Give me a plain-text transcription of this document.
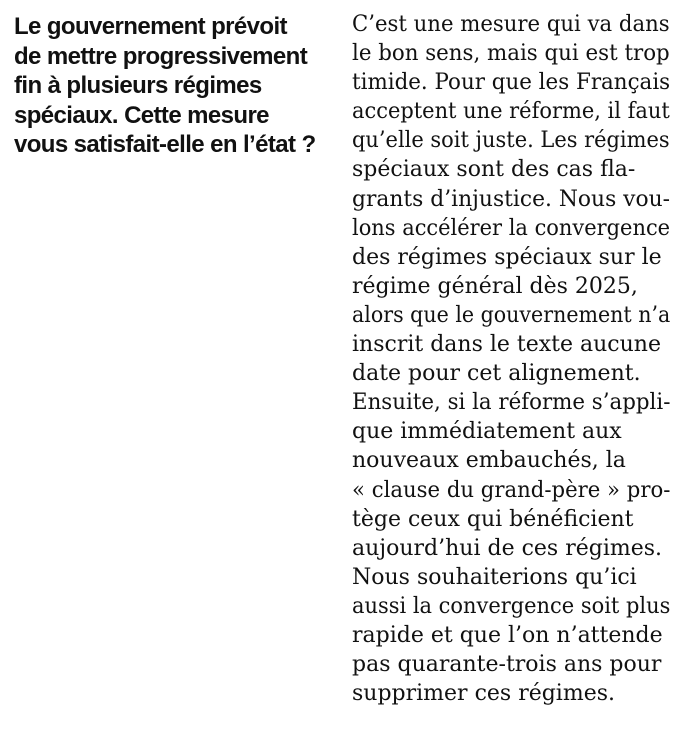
Le gouvernement prévoit
de mettre progressivement
fin à plusieurs régimes
spéciaux. Cette mesure
vous satisfait-elle en l’état ?
C’est une mesure qui va dans
le bon sens, mais qui est trop
timide. Pour que les Français
acceptent une réforme, il faut
qu’elle soit juste. Les régimes
spéciaux sont des cas fla-
grants d’injustice. Nous vou-
lons accélérer la convergence
des régimes spéciaux sur le
régime général dès 2025,
alors que le gouvernement n’a
inscrit dans le texte aucune
date pour cet alignement.
Ensuite, si la réforme s’appli-
que immédiatement aux
nouveaux embauchés, la
« clause du grand-père » pro-
tège ceux qui bénéficient
aujourd’hui de ces régimes.
Nous souhaiterions qu’ici
aussi la convergence soit plus
rapide et que l’on n’attende
pas quarante-trois ans pour
supprimer ces régimes.
